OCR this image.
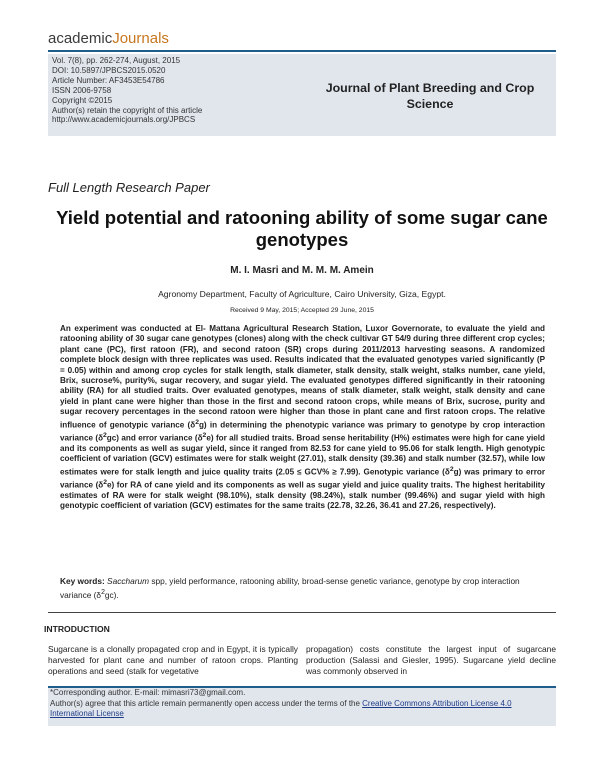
academicJournals
Vol. 7(8), pp. 262-274, August, 2015
DOI: 10.5897/JPBCS2015.0520
Article Number: AF3453E54786
ISSN 2006-9758
Copyright ©2015
Author(s) retain the copyright of this article
http://www.academicjournals.org/JPBCS
Journal of Plant Breeding and Crop Science
Full Length Research Paper
Yield potential and ratooning ability of some sugar cane genotypes
M. I. Masri and M. M. M. Amein
Agronomy Department, Faculty of Agriculture, Cairo University, Giza, Egypt.
Received 9 May, 2015; Accepted 29 June, 2015
An experiment was conducted at El- Mattana Agricultural Research Station, Luxor Governorate, to evaluate the yield and ratooning ability of 30 sugar cane genotypes (clones) along with the check cultivar GT 54/9 during three different crop cycles; plant cane (PC), first ratoon (FR), and second ratoon (SR) crops during 2011/2013 harvesting seasons. A randomized complete block design with three replicates was used. Results indicated that the evaluated genotypes varied significantly (P = 0.05) within and among crop cycles for stalk length, stalk diameter, stalk density, stalk weight, stalks number, cane yield, Brix, sucrose%, purity%, sugar recovery, and sugar yield. The evaluated genotypes differed significantly in their ratooning ability (RA) for all studied traits. Over evaluated genotypes, means of stalk diameter, stalk weight, stalk density and cane yield in plant cane were higher than those in the first and second ratoon crops, while means of Brix, sucrose, purity and sugar recovery percentages in the second ratoon were higher than those in plant cane and first ratoon crops. The relative influence of genotypic variance $(\delta^2g)$ in determining the phenotypic variance was primary to genotype by crop interaction variance $(\delta^2gc)$ and error variance $(\delta^2e)$ for all studied traits. Broad sense heritability (H%) estimates were high for cane yield and its components as well as sugar yield, since it ranged from 82.53 for cane yield to 95.06 for stalk length. High genotypic coefficient of variation (GCV) estimates were for stalk weight (27.01), stalk density (39.36) and stalk number (32.57), while low estimates were for stalk length and juice quality traits (2.05 ≤ GCV% ≥ 7.99). Genotypic variance $(\delta^2g)$ was primary to error variance $(\delta^2e)$ for RA of cane yield and its components as well as sugar yield and juice quality traits. The highest heritability estimates of RA were for stalk weight (98.10%), stalk density (98.24%), stalk number (99.46%) and sugar yield with high genotypic coefficient of variation (GCV) estimates for the same traits (22.78, 32.26, 36.41 and 27.26, respectively).
Key words: Saccharum spp, yield performance, ratooning ability, broad-sense genetic variance, genotype by crop interaction variance $(\delta^2gc)$.
INTRODUCTION
Sugarcane is a clonally propagated crop and in Egypt, it is typically harvested for plant cane and number of ratoon crops. Planting operations and seed (stalk for vegetative
propagation) costs constitute the largest input of sugarcane production (Salassi and Giesler, 1995). Sugarcane yield decline was commonly observed in
*Corresponding author. E-mail: mimasri73@gmail.com.
Author(s) agree that this article remain permanently open access under the terms of the Creative Commons Attribution License 4.0 International License
